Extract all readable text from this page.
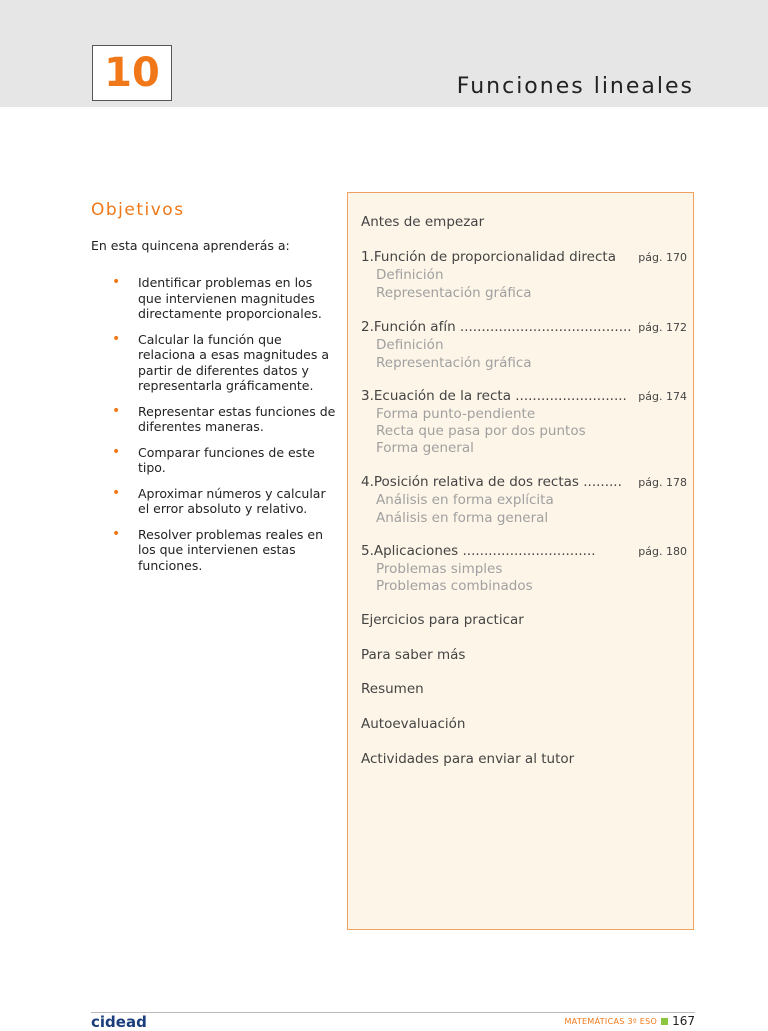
10	Funciones lineales
Objetivos
En esta quincena aprenderás a:
• Identificar problemas en los que intervienen magnitudes directamente proporcionales.
• Calcular la función que relaciona a esas magnitudes a partir de diferentes datos y representarla gráficamente.
• Representar estas funciones de diferentes maneras.
• Comparar funciones de este tipo.
• Aproximar números y calcular el error absoluto y relativo.
• Resolver problemas reales en los que intervienen estas funciones.
Antes de empezar
1.Función de proporcionalidad directa pág. 170
Definición
Representación gráfica
2.Función afín ........................................ pág. 172
Definición
Representación gráfica
3.Ecuación de la recta .......................... pág. 174
Forma punto-pendiente
Recta que pasa por dos puntos
Forma general
4.Posición relativa de dos rectas ......... pág. 178
Análisis en forma explícita
Análisis en forma general
5.Aplicaciones ...............................	pág. 180
Problemas simples
Problemas combinados
Ejercicios para practicar
Para saber más
Resumen
Autoevaluación
Actividades para enviar al tutor
cidead	MATEMÁTICAS 3º ESO 167
